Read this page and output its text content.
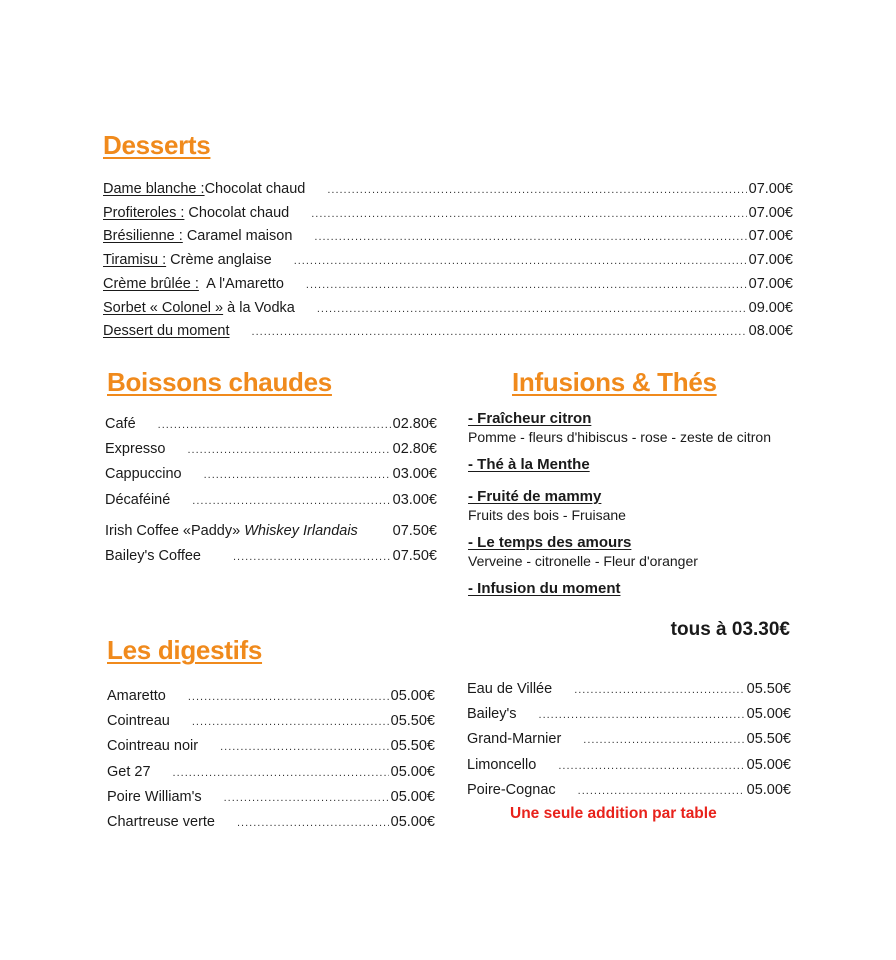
Desserts
Dame blanche :Chocolat chaud .....	07.00€
Profiteroles : Chocolat chaud .....	07.00€
Brésilienne : Caramel maison .....	07.00€
Tiramisu : Crème anglaise .....	07.00€
Crème brûlée :  A l'Amaretto .....	07.00€
Sorbet « Colonel » à la Vodka .....	09.00€
Dessert du moment .....	08.00€
Boissons chaudes
Café .....	02.80€
Expresso .....	02.80€
Cappuccino .....	03.00€
Décaféiné .....	03.00€
Irish Coffee «Paddy» Whiskey Irlandais 07.50€
Bailey's Coffee .....	07.50€
Infusions & Thés
- Fraîcheur citron
Pomme - fleurs d'hibiscus - rose - zeste de citron
- Thé à la Menthe
- Fruité de mammy
Fruits des bois - Fruisane
- Le temps des amours
Verveine - citronelle - Fleur d'oranger
- Infusion du moment
tous à 03.30€
Les digestifs
Amaretto .....	05.00€
Cointreau .....	05.50€
Cointreau noir .....	05.50€
Get 27 .....	05.00€
Poire William's .....	05.00€
Chartreuse verte .....	05.00€
Eau de Villée .....	05.50€
Bailey's .....	05.00€
Grand-Marnier .....	05.50€
Limoncello .....	05.00€
Poire-Cognac .....	05.00€
Une seule addition par table
